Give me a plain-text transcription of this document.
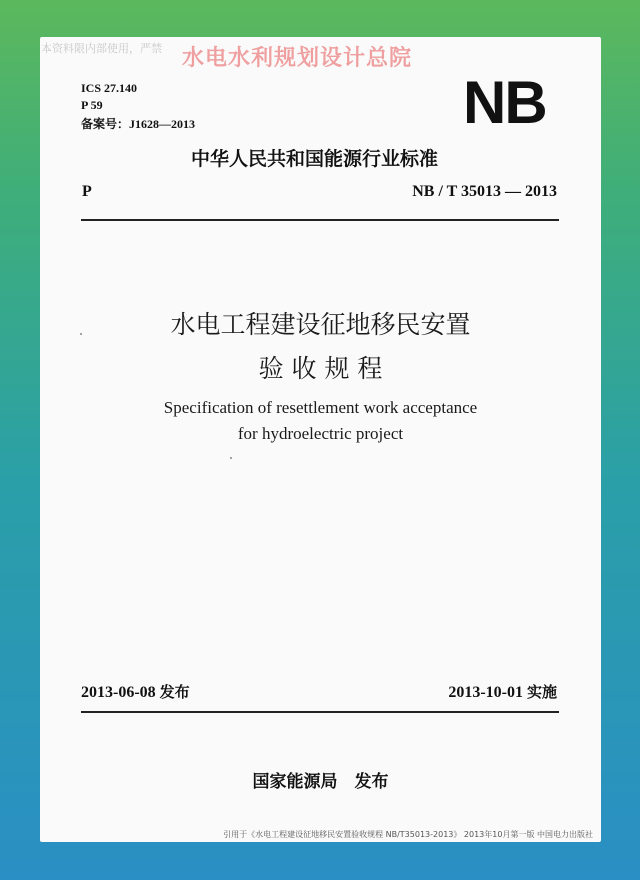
本资料限内部使用，严禁 水电水利规划设计总院
ICS 27.140
P 59
备案号：J1628—2013	NB
中华人民共和国能源行业标准
P	NB / T 35013 — 2013
水电工程建设征地移民安置
验 收 规 程
Specification of resettlement work acceptance
for hydroelectric project
2013-06-08 发布	2013-10-01 实施
国家能源局　发布
引用于《水电工程建设征地移民安置验收规程 NB/T35013-2013》 2013年10月第一版 中国电力出版社
